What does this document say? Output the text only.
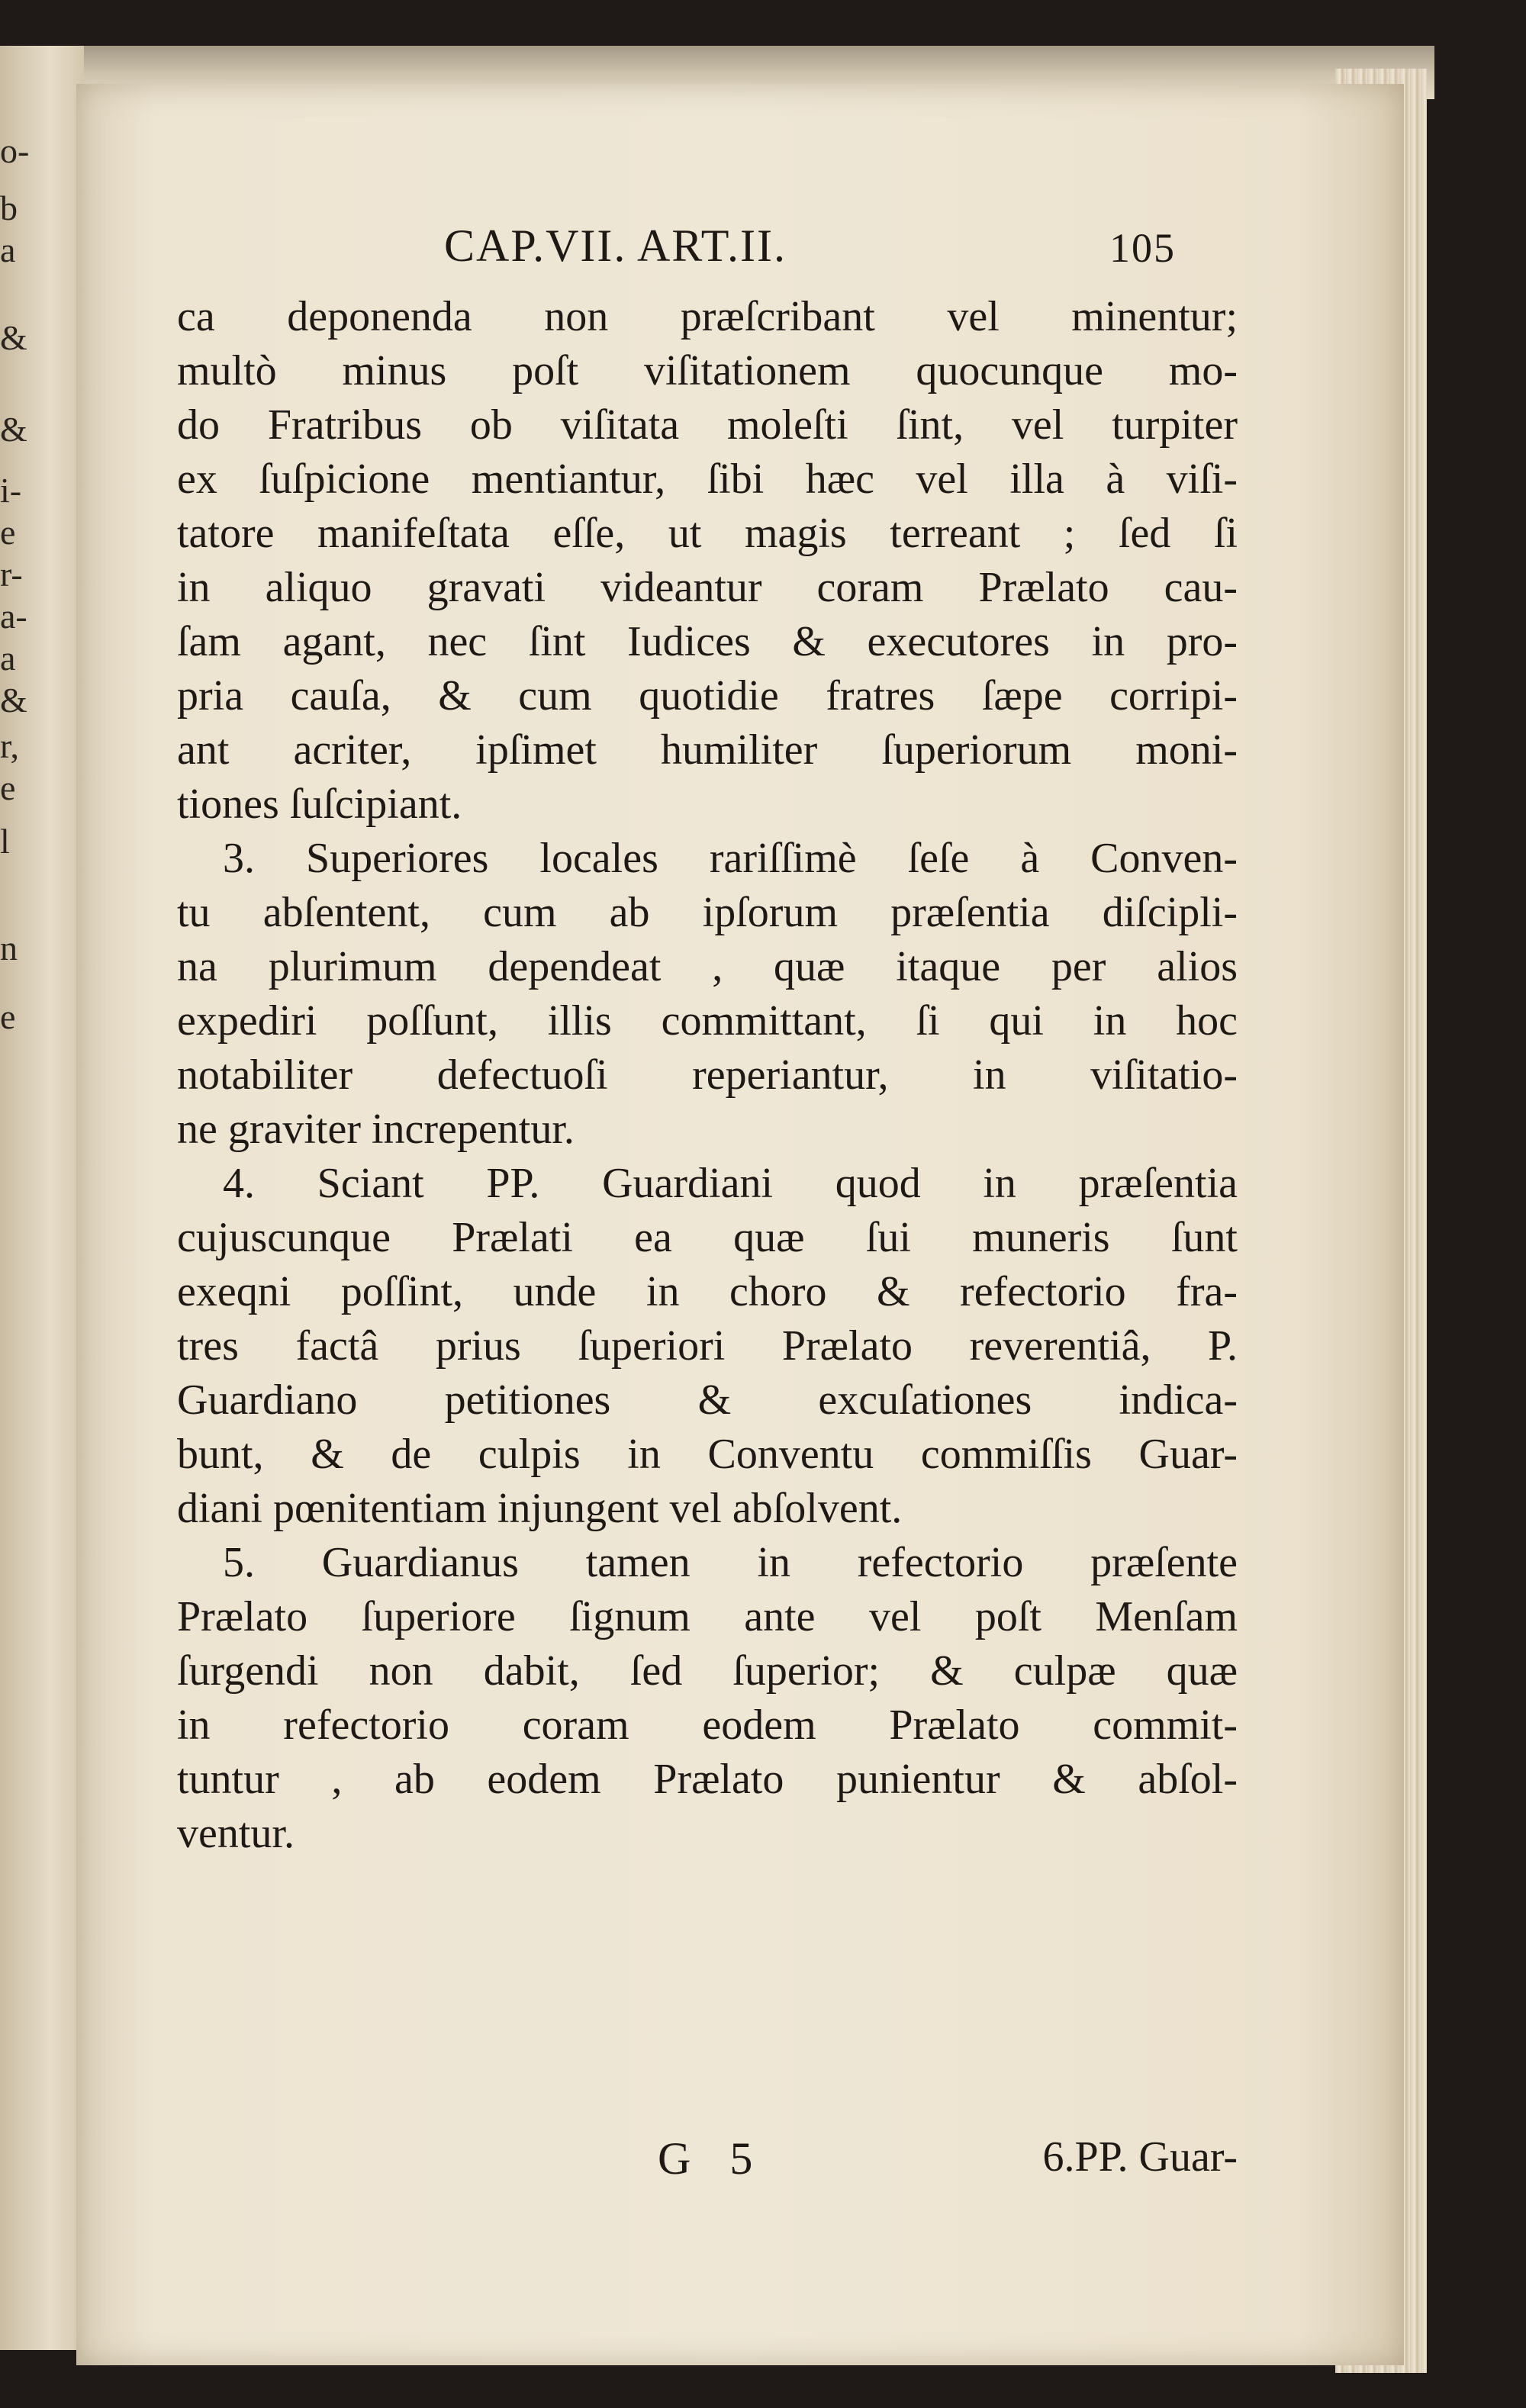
o-
b
a
&
&
i-
e
r-
a-
a
&
r,
e
l
n
e
CAP.VII. ART.II.	105
ca deponenda non præſcribant vel minentur;
multò minus poſt viſitationem quocunque mo-
do Fratribus ob viſitata moleſti ſint, vel turpiter
ex ſuſpicione mentiantur, ſibi hæc vel illa à viſi-
tatore manifeſtata eſſe, ut magis terreant ; ſed ſi
in aliquo gravati videantur coram Prælato cau-
ſam agant, nec ſint Iudices & executores in pro-
pria cauſa, & cum quotidie fratres ſæpe corripi-
ant acriter, ipſimet humiliter ſuperiorum moni-
tiones ſuſcipiant.
3. Superiores locales rariſſimè ſeſe à Conven-
tu abſentent, cum ab ipſorum præſentia diſcipli-
na plurimum dependeat , quæ itaque per alios
expediri poſſunt, illis committant, ſi qui in hoc
notabiliter defectuoſi reperiantur, in viſitatio-
ne graviter increpentur.
4. Sciant PP. Guardiani quod in præſentia
cujuscunque Prælati ea quæ ſui muneris ſunt
exeqni poſſint, unde in choro & refectorio fra-
tres factâ prius ſuperiori Prælato reverentiâ, P.
Guardiano petitiones & excuſationes indica-
bunt, & de culpis in Conventu commiſſis Guar-
diani pœnitentiam injungent vel abſolvent.
5. Guardianus tamen in refectorio præſente
Prælato ſuperiore ſignum ante vel poſt Menſam
ſurgendi non dabit, ſed ſuperior; & culpæ quæ
in refectorio coram eodem Prælato commit-
tuntur , ab eodem Prælato punientur & abſol-
ventur.
G 5	6.PP. Guar-
